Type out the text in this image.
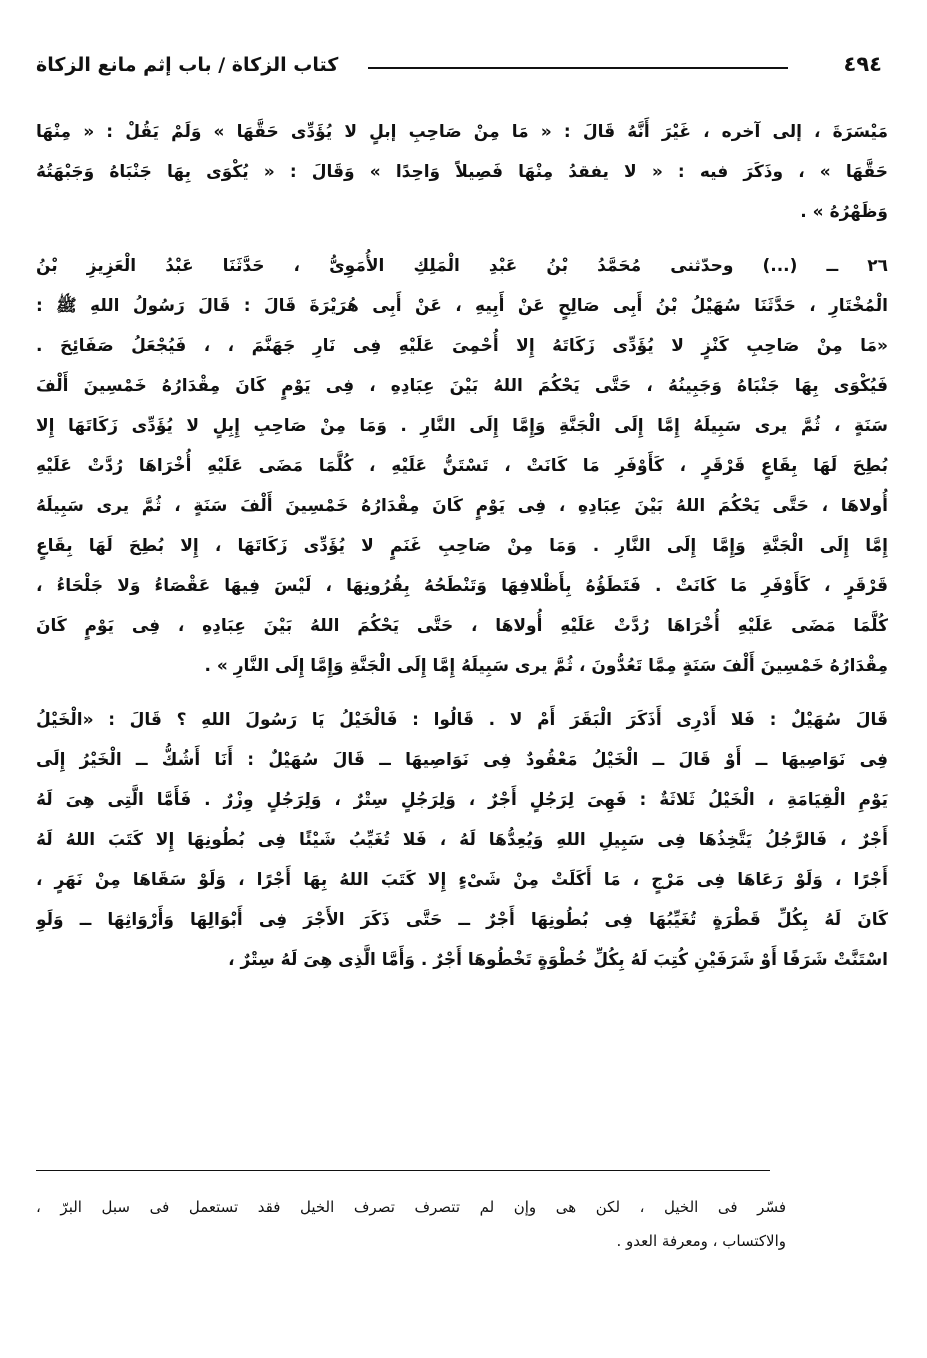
كتاب الزكاة / باب إثم مانع الزكاة	٤٩٤
مَيْسَرَةَ ، إلى آخره ، غَيْرَ أَنَّهُ قَالَ : « مَا مِنْ صَاحِبِ إبلٍ لا يُؤَدِّى حَقَّهَا » وَلَمْ يَقُلْ : « مِنْهَا
حَقَّهَا » ، وذَكَرَ فيه : « لا يفقدُ مِنْهَا فَصِيلاً وَاحِدًا » وَقَالَ : « يُكْوَى بِهَا جَنْبَاهُ وَجَبْهَتُهُ
وَظَهْرُهُ » .
٢٦ ــ (...) وحدّثنى مُحَمَّدُ بْنُ عَبْدِ الْمَلِكِ الأُمَوِىُّ ، حَدَّثَنَا عَبْدُ الْعَزِيزِ بْنُ
الْمُخْتَارِ ، حَدَّثَنَا سُهَيْلُ بْنُ أَبِى صَالِحٍ عَنْ أَبِيهِ ، عَنْ أَبِى هُرَيْرَةَ قَالَ : قَالَ رَسُولُ اللهِ ﷺ :
«مَا مِنْ صَاحِبِ كَنْزٍ لا يُؤَدِّى زَكَاتَهُ إِلا أُحْمِىَ عَلَيْهِ فِى نَارِ جَهَنَّمَ ، ، فَيُجْعَلُ صَفَائِحَ .
فَيُكْوَى بِهَا جَنْبَاهُ وَجَبِينُهُ ، حَتَّى يَحْكُمَ اللهُ بَيْنَ عِبَادِهِ ، فِى يَوْمٍ كَانَ مِقْدَارُهُ خَمْسِينَ أَلْفَ
سَنَةٍ ، ثُمَّ يرى سَبِيلَهُ إِمَّا إِلَى الْجَنَّةِ وَإِمَّا إِلَى النَّارِ . وَمَا مِنْ صَاحِبِ إِبِلٍ لا يُؤَدِّى زَكَاتَهَا إِلا
بُطِحَ لَهَا بِقَاعٍ قَرْقَرٍ ، كَأَوْفَرِ مَا كَانَتْ ، تَسْتَنُّ عَلَيْهِ ، كُلَّمَا مَضَى عَلَيْهِ أُخْرَاهَا رُدَّتْ عَلَيْهِ
أُولاهَا ، حَتَّى يَحْكُمَ اللهُ بَيْنَ عِبَادِهِ ، فِى يَوْمٍ كَانَ مِقْدَارُهُ خَمْسِينَ أَلْفَ سَنَةٍ ، ثُمَّ يرى سَبِيلَهُ
إِمَّا إِلَى الْجَنَّةِ وَإِمَّا إِلَى النَّارِ . وَمَا مِنْ صَاحِبِ غَنَمٍ لا يُؤَدِّى زَكَاتَهَا ، إِلا بُطِحَ لَهَا بِقَاعٍ
قَرْقَرٍ ، كَأَوْفَرِ مَا كَانَتْ . فَتَطَؤُهُ بِأَظْلافِهَا وَتَنْطَحُهُ بِقُرُونِهَا ، لَيْسَ فِيهَا عَقْصَاءُ وَلا جَلْحَاءُ ،
كُلَّمَا مَضَى عَلَيْهِ أُخْرَاهَا رُدَّتْ عَلَيْهِ أُولاهَا ، حَتَّى يَحْكُمَ اللهُ بَيْنَ عِبَادِهِ ، فِى يَوْمٍ كَانَ
مِقْدَارُهُ خَمْسِينَ أَلْفَ سَنَةٍ مِمَّا تَعُدُّونَ ، ثُمَّ يرى سَبِيلَهُ إِمَّا إِلَى الْجَنَّةِ وَإِمَّا إِلَى النَّارِ » .
قَالَ سُهَيْلٌ : فَلا أَدْرِى أَذَكَرَ الْبَقَرَ أَمْ لا . قَالُوا : فَالْخَيْلُ يَا رَسُولَ اللهِ ؟ قَالَ : «الْخَيْلُ
فِى نَوَاصِيهَا ــ أَوْ قَالَ ــ الْخَيْلُ مَعْقُودٌ فِى نَوَاصِيهَا ــ قَالَ سُهَيْلٌ : أَنَا أَشُكُّ ــ الْخَيْرُ إِلَى
يَوْمِ الْقِيَامَةِ ، الْخَيْلُ ثَلاثَةٌ : فَهِىَ لِرَجُلٍ أَجْرٌ ، وَلِرَجُلٍ سِتْرٌ ، وَلِرَجُلٍ وِزْرٌ . فَأَمَّا الَّتِى هِىَ لَهُ
أَجْرٌ ، فَالرَّجُلُ يَتَّخِذُهَا فِى سَبِيلِ اللهِ وَيُعِدُّهَا لَهُ ، فَلا تُغَيِّبُ شَيْئًا فِى بُطُونِهَا إِلا كَتَبَ اللهُ لَهُ
أَجْرًا ، وَلَوْ رَعَاهَا فِى مَرْجٍ ، مَا أَكَلَتْ مِنْ شَىْءٍ إِلا كَتَبَ اللهُ بِهَا أَجْرًا ، وَلَوْ سَقَاهَا مِنْ نَهَرٍ ،
كَانَ لَهُ بِكُلِّ قَطْرَةٍ تُغَيِّبُهَا فِى بُطُونِهَا أَجْرٌ ــ حَتَّى ذَكَرَ الأَجْرَ فِى أَبْوَالِهَا وَأَرْوَاثِهَا ــ وَلَوِ
اسْتَنَّتْ شَرَفًا أَوْ شَرَفَيْنِ كُتِبَ لَهُ بِكُلِّ خُطْوَةٍ تَخْطُوهَا أَجْرٌ . وَأَمَّا الَّذِى هِىَ لَهُ سِتْرٌ ،
فسّر فى الخيل ، لكن هى وإن لم تتصرف تصرف الخيل فقد تستعمل فى سبل البرّ ،
والاكتساب ، ومعرفة العدو .
